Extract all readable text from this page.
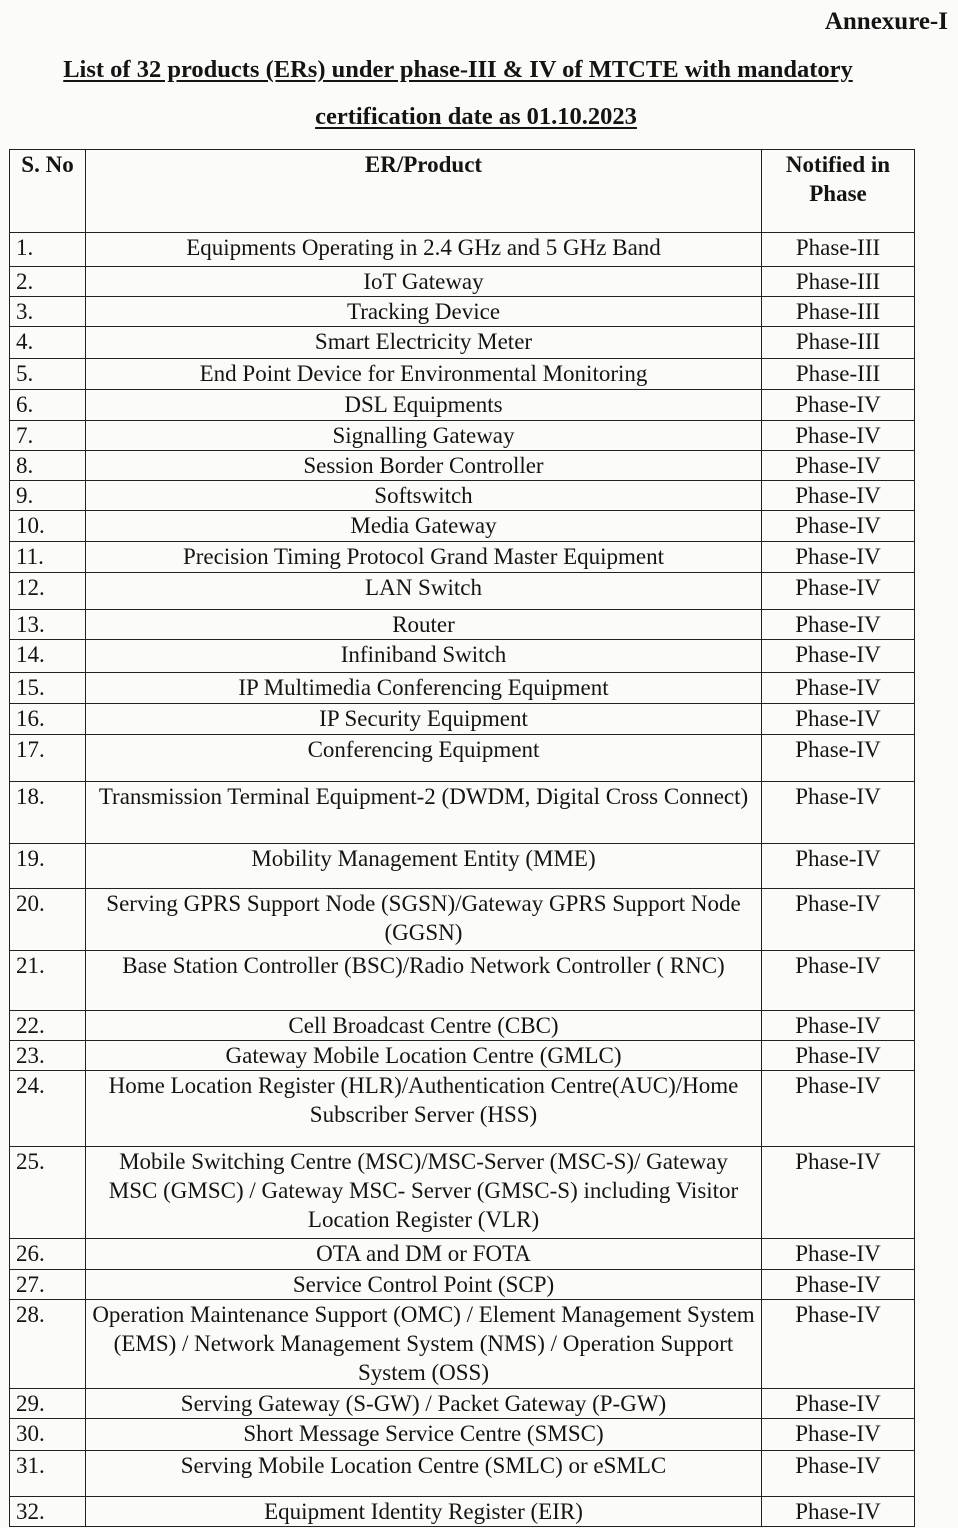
Annexure-I
List of 32 products (ERs) under phase-III & IV of MTCTE with mandatory
certification date as 01.10.2023
S. No	ER/Product	Notified in Phase
1.	Equipments Operating in 2.4 GHz and 5 GHz Band	Phase-III
2.	IoT Gateway	Phase-III
3.	Tracking Device	Phase-III
4.	Smart Electricity Meter	Phase-III
5.	End Point Device for Environmental Monitoring	Phase-III
6.	DSL Equipments	Phase-IV
7.	Signalling Gateway	Phase-IV
8.	Session Border Controller	Phase-IV
9.	Softswitch	Phase-IV
10.	Media Gateway	Phase-IV
11.	Precision Timing Protocol Grand Master Equipment	Phase-IV
12.	LAN Switch	Phase-IV
13.	Router	Phase-IV
14.	Infiniband Switch	Phase-IV
15.	IP Multimedia Conferencing Equipment	Phase-IV
16.	IP Security Equipment	Phase-IV
17.	Conferencing Equipment	Phase-IV
18.	Transmission Terminal Equipment-2 (DWDM, Digital Cross Connect)	Phase-IV
19.	Mobility Management Entity (MME)	Phase-IV
20.	Serving GPRS Support Node (SGSN)/Gateway GPRS Support Node (GGSN)	Phase-IV
21.	Base Station Controller (BSC)/Radio Network Controller ( RNC)	Phase-IV
22.	Cell Broadcast Centre (CBC)	Phase-IV
23.	Gateway Mobile Location Centre (GMLC)	Phase-IV
24.	Home Location Register (HLR)/Authentication Centre(AUC)/Home Subscriber Server (HSS)	Phase-IV
25.	Mobile Switching Centre (MSC)/MSC-Server (MSC-S)/ Gateway MSC (GMSC) / Gateway MSC- Server (GMSC-S) including Visitor Location Register (VLR)	Phase-IV
26.	OTA and DM or FOTA	Phase-IV
27.	Service Control Point (SCP)	Phase-IV
28.	Operation Maintenance Support (OMC) / Element Management System (EMS) / Network Management System (NMS) / Operation Support System (OSS)	Phase-IV
29.	Serving Gateway (S-GW) / Packet Gateway (P-GW)	Phase-IV
30.	Short Message Service Centre (SMSC)	Phase-IV
31.	Serving Mobile Location Centre (SMLC) or eSMLC	Phase-IV
32.	Equipment Identity Register (EIR)	Phase-IV
